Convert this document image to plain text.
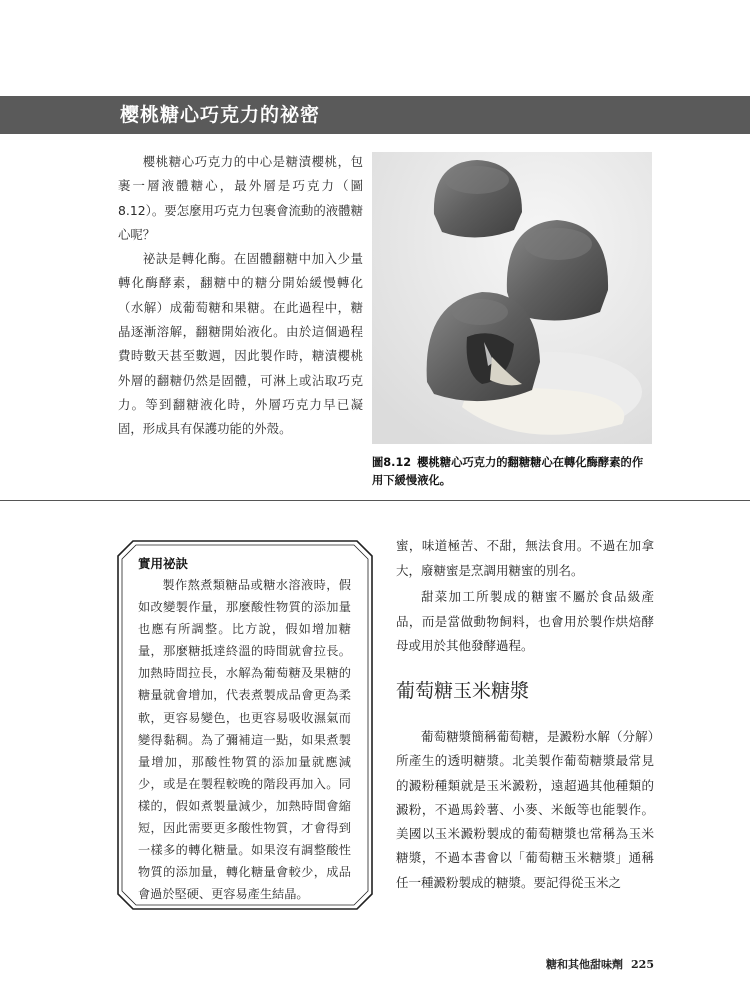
樱桃糖心巧克力的祕密

櫻桃糖心巧克力的中心是糖漬櫻桃，包裹一層液體糖心，最外層是巧克力（圖8.12）。要怎麼用巧克力包裹會流動的液體糖心呢？

祕訣是轉化酶。在固體翻糖中加入少量轉化酶酵素，翻糖中的糖分開始緩慢轉化（水解）成葡萄糖和果糖。在此過程中，糖晶逐漸溶解，翻糖開始液化。由於這個過程費時數天甚至數週，因此製作時，糖漬櫻桃外層的翻糖仍然是固體，可淋上或沾取巧克力。等到翻糖液化時，外層巧克力早已凝固，形成具有保護功能的外殼。

圖8.12 櫻桃糖心巧克力的翻糖糖心在轉化酶酵素的作用下緩慢液化。
實用祕訣

製作熬煮類糖品或糖水溶液時，假如改變製作量，那麼酸性物質的添加量也應有所調整。比方說，假如增加糖量，那麼糖抵達終溫的時間就會拉長。加熱時間拉長，水解為葡萄糖及果糖的糖量就會增加，代表煮製成品會更為柔軟，更容易變色，也更容易吸收濕氣而變得黏稠。為了彌補這一點，如果煮製量增加，那酸性物質的添加量就應減少，或是在製程較晚的階段再加入。同樣的，假如煮製量減少，加熱時間會縮短，因此需要更多酸性物質，才會得到一樣多的轉化糖量。如果沒有調整酸性物質的添加量，轉化糖量會較少，成品會過於堅硬、更容易產生結晶。

蜜，味道極苦、不甜，無法食用。不過在加拿大，廢糖蜜是烹調用糖蜜的別名。

甜菜加工所製成的糖蜜不屬於食品級產品，而是當做動物飼料，也會用於製作烘焙酵母或用於其他發酵過程。

葡萄糖玉米糖漿

葡萄糖漿簡稱葡萄糖，是澱粉水解（分解）所產生的透明糖漿。北美製作葡萄糖漿最常見的澱粉種類就是玉米澱粉，遠超過其他種類的澱粉，不過馬鈴薯、小麥、米飯等也能製作。美國以玉米澱粉製成的葡萄糖漿也常稱為玉米糖漿，不過本書會以「葡萄糖玉米糖漿」通稱任一種澱粉製成的糖漿。要記得從玉米之

糖和其他甜味劑 225
